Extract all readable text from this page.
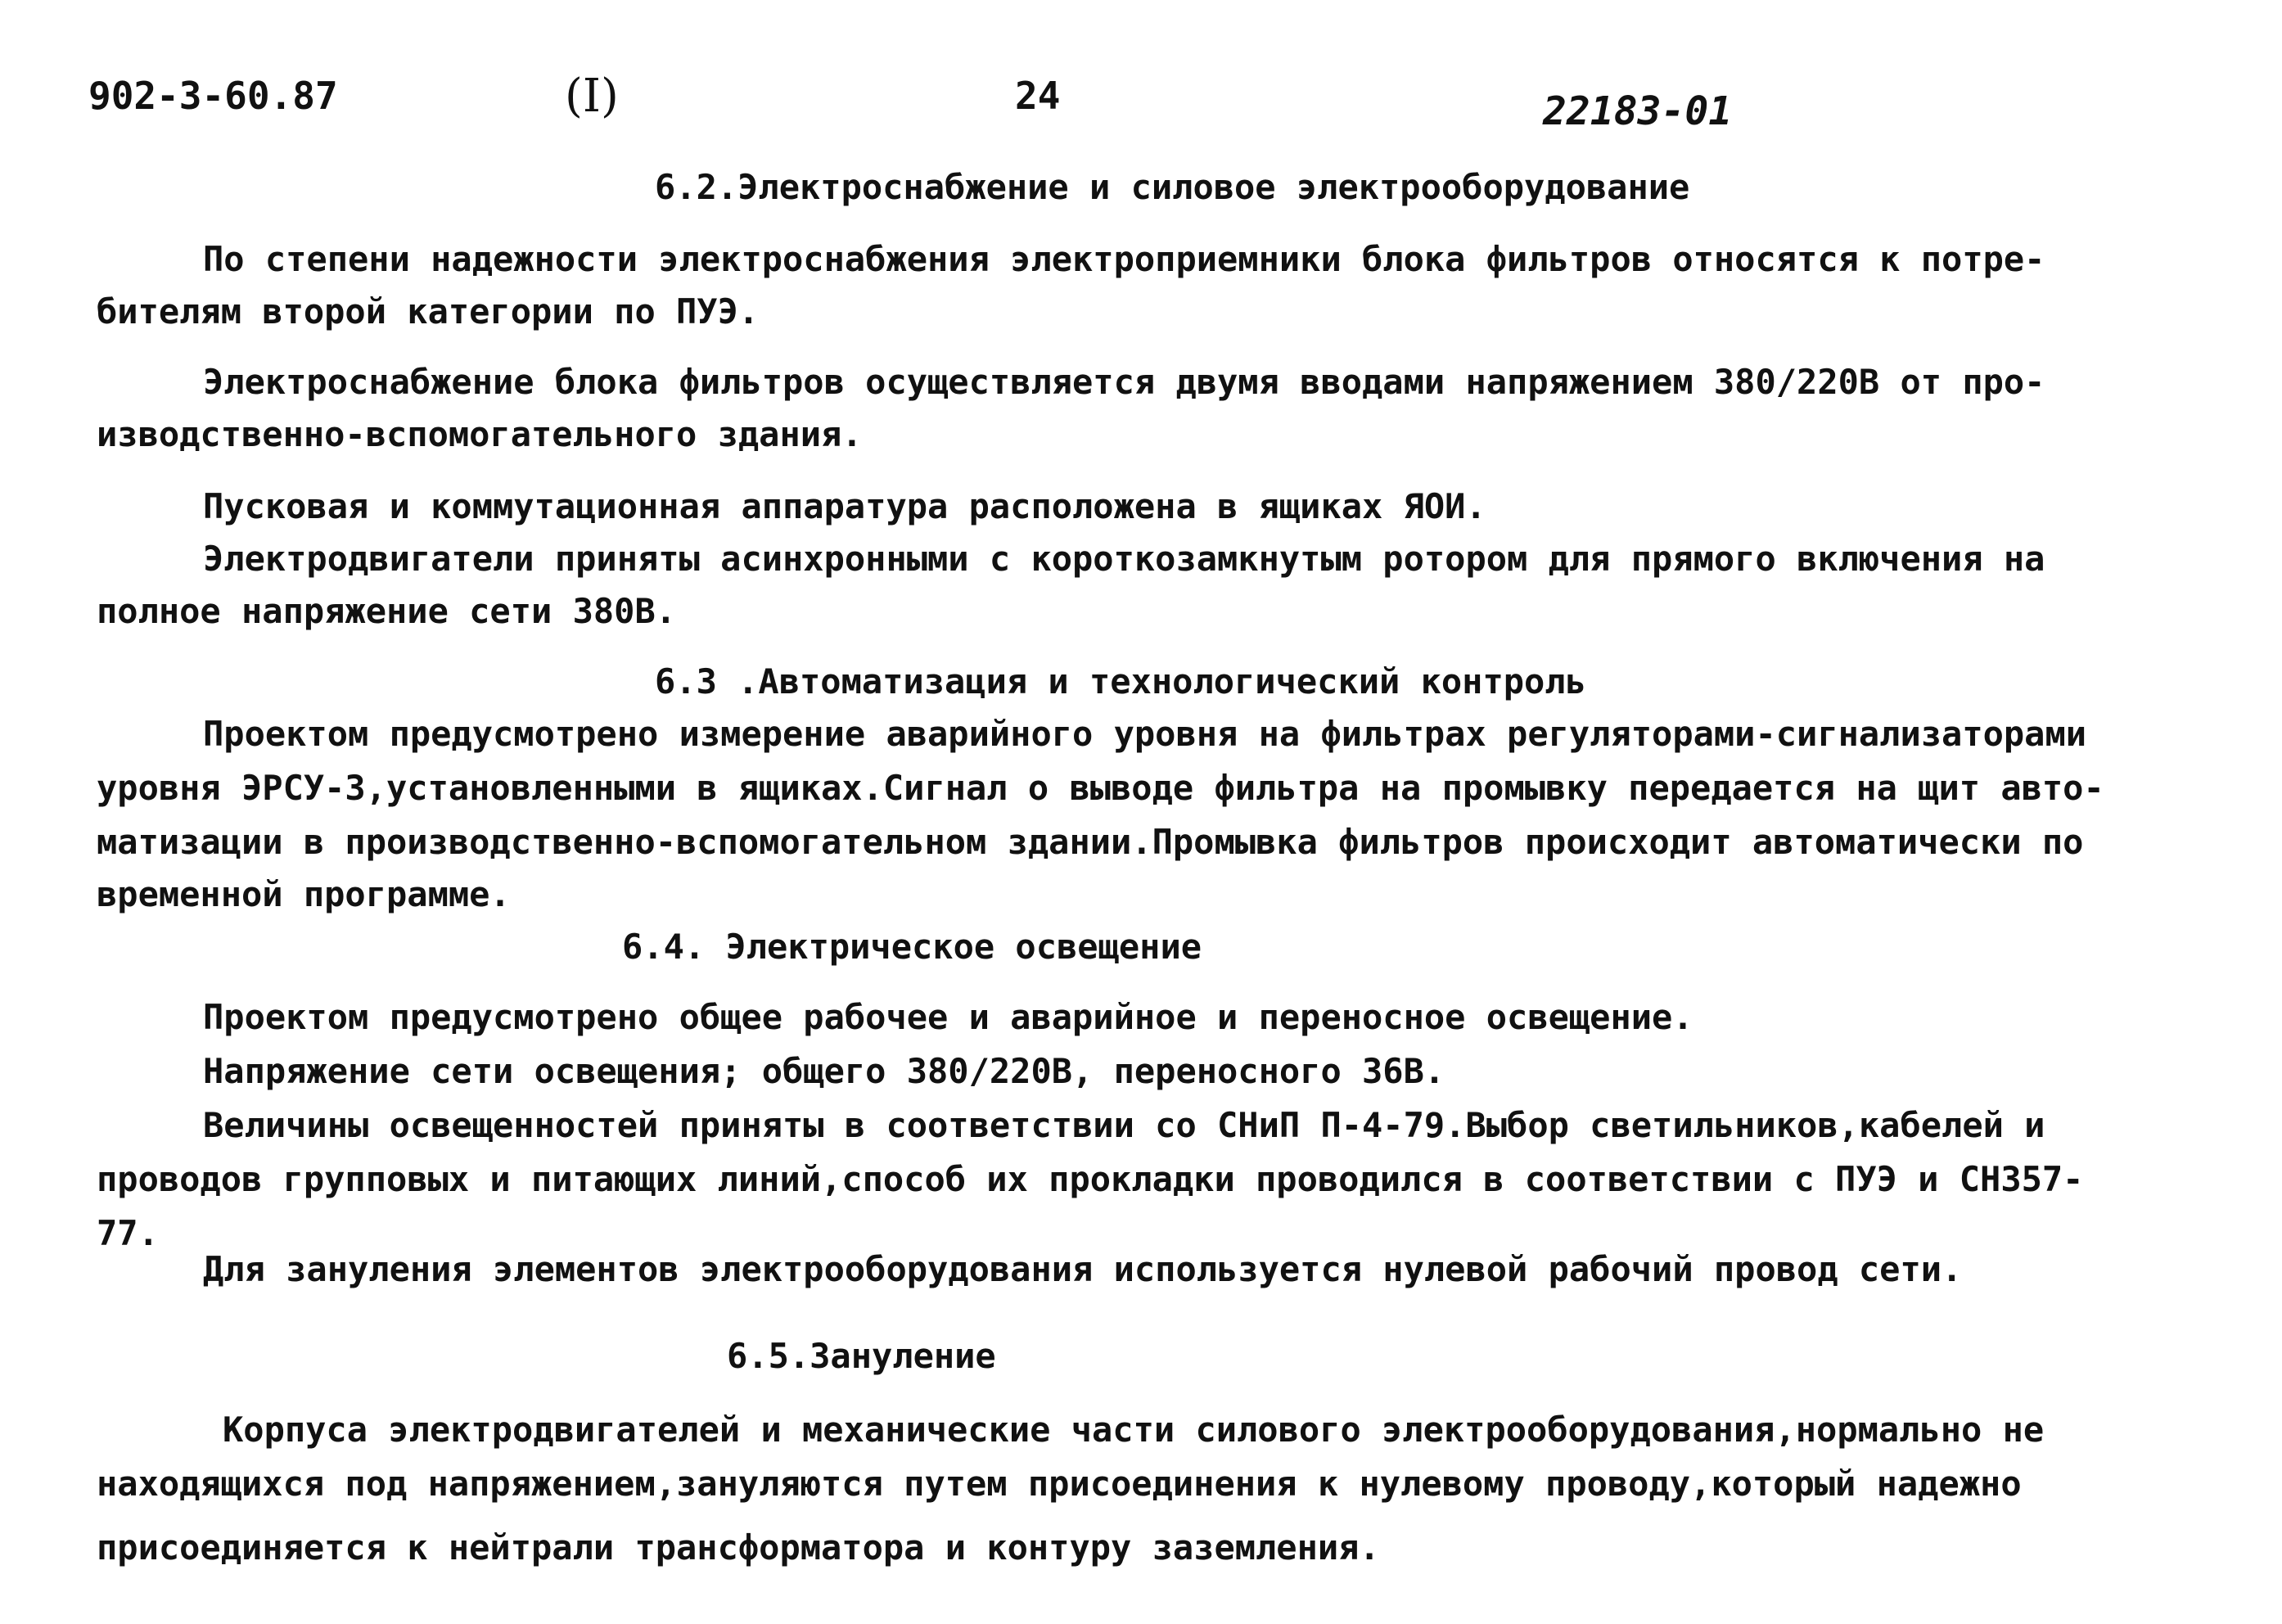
902-3-60.87	(I)	24	22183-01
6.2.Электроснабжение и силовое электрооборудование
По степени надежности электроснабжения электроприемники блока фильтров относятся к потре-
бителям второй категории по ПУЭ.
Электроснабжение блока фильтров осуществляется двумя вводами напряжением 380/220В от про-
изводственно-вспомогательного здания.
Пусковая и коммутационная аппаратура расположена в ящиках ЯОИ.
Электродвигатели приняты асинхронными с короткозамкнутым ротором для прямого включения на
полное напряжение сети 380В.
6.3 .Автоматизация и технологический контроль
Проектом предусмотрено измерение аварийного уровня на фильтрах регуляторами-сигнализаторами
уровня ЭРСУ-3,установленными в ящиках.Сигнал о выводе фильтра на промывку передается на щит авто-
матизации в производственно-вспомогательном здании.Промывка фильтров происходит автоматически по
временной программе.
6.4. Электрическое освещение
Проектом предусмотрено общее рабочее и аварийное и переносное освещение.
Напряжение сети освещения; общего 380/220В, переносного 36В.
Величины освещенностей приняты в соответствии со СНиП П-4-79.Выбор светильников,кабелей и
проводов групповых и питающих линий,способ их прокладки проводился в соответствии с ПУЭ и СН357-
77.
Для зануления элементов электрооборудования используется нулевой рабочий провод сети.
6.5.Зануление
Корпуса электродвигателей и механические части силового электрооборудования,нормально не
находящихся под напряжением,зануляются путем присоединения к нулевому проводу,который надежно
присоединяется к нейтрали трансформатора и контуру заземления.
